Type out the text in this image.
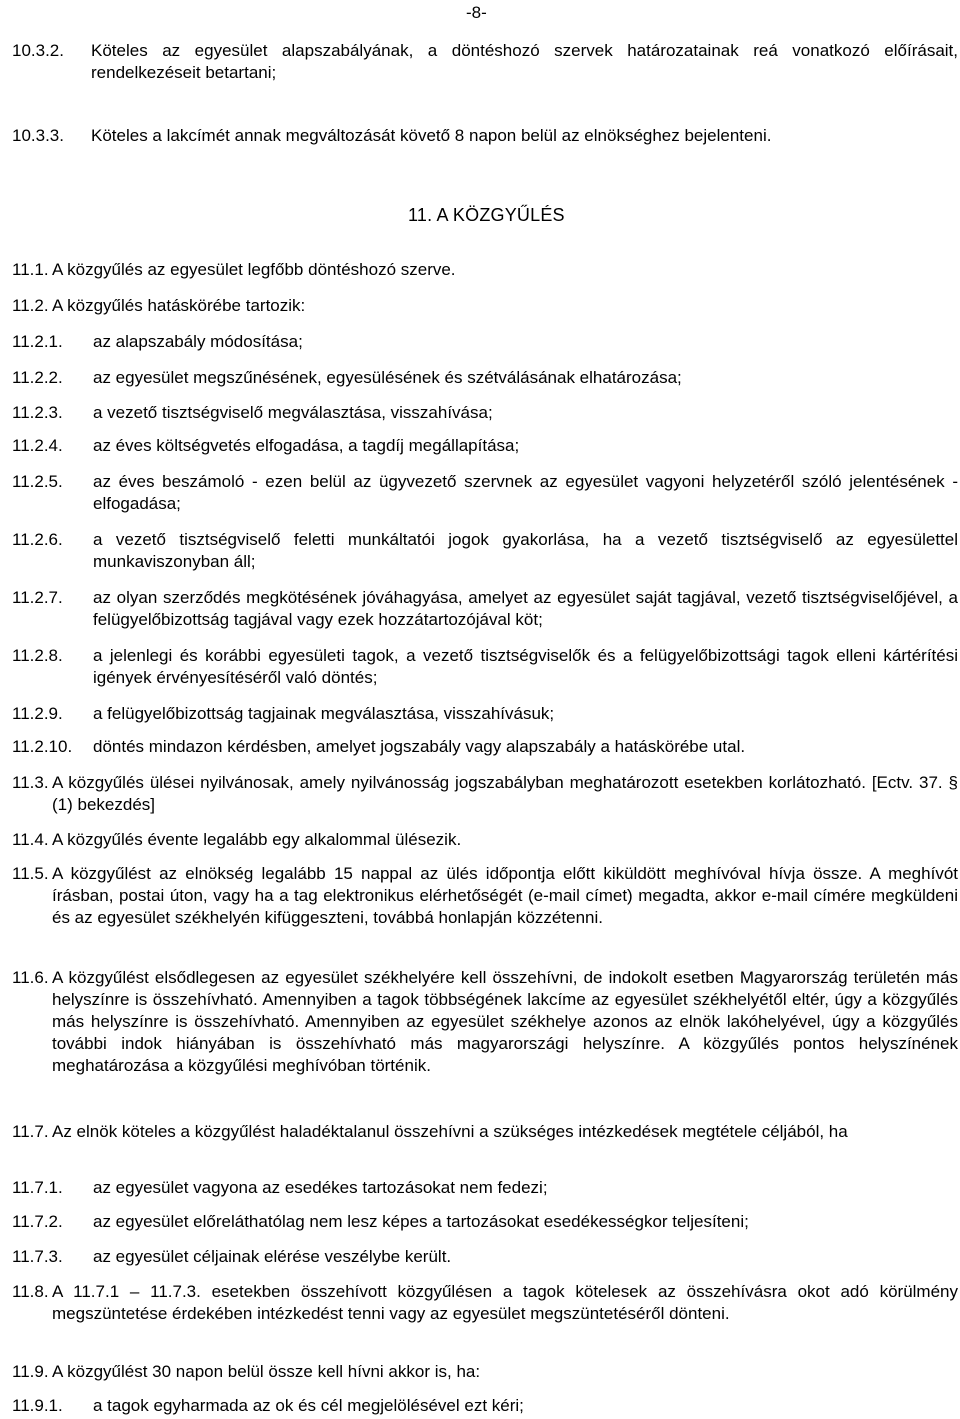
-8-
10.3.2.	Köteles az egyesület alapszabályának, a döntéshozó szervek határozatainak reá vonatkozó előírásait, rendelkezéseit betartani;
10.3.3.	Köteles a lakcímét annak megváltozását követő 8 napon belül az elnökséghez bejelenteni.
11. A KÖZGYŰLÉS
11.1. A közgyűlés az egyesület legfőbb döntéshozó szerve.
11.2. A közgyűlés hatáskörébe tartozik:
11.2.1.	az alapszabály módosítása;
11.2.2.	az egyesület megszűnésének, egyesülésének és szétválásának elhatározása;
11.2.3.	a vezető tisztségviselő megválasztása, visszahívása;
11.2.4.	az éves költségvetés elfogadása, a tagdíj megállapítása;
11.2.5.	az éves beszámoló - ezen belül az ügyvezető szervnek az egyesület vagyoni helyzetéről szóló jelentésének - elfogadása;
11.2.6.	a vezető tisztségviselő feletti munkáltatói jogok gyakorlása, ha a vezető tisztségviselő az egyesülettel munkaviszonyban áll;
11.2.7.	az olyan szerződés megkötésének jóváhagyása, amelyet az egyesület saját tagjával, vezető tisztségviselőjével, a felügyelőbizottság tagjával vagy ezek hozzátartozójával köt;
11.2.8.	a jelenlegi és korábbi egyesületi tagok, a vezető tisztségviselők és a felügyelőbizottsági tagok elleni kártérítési igények érvényesítéséről való döntés;
11.2.9.	a felügyelőbizottság tagjainak megválasztása, visszahívásuk;
11.2.10.	döntés mindazon kérdésben, amelyet jogszabály vagy alapszabály a hatáskörébe utal.
11.3. A közgyűlés ülései nyilvánosak, amely nyilvánosság jogszabályban meghatározott esetekben korlátozható. [Ectv. 37. § (1) bekezdés]
11.4. A közgyűlés évente legalább egy alkalommal ülésezik.
11.5. A közgyűlést az elnökség legalább 15 nappal az ülés időpontja előtt kiküldött meghívóval hívja össze. A meghívót írásban, postai úton, vagy ha a tag elektronikus elérhetőségét (e-mail címet) megadta, akkor e-mail címére megküldeni és az egyesület székhelyén kifüggeszteni, továbbá honlapján közzétenni.
11.6. A közgyűlést elsődlegesen az egyesület székhelyére kell összehívni, de indokolt esetben Magyarország területén más helyszínre is összehívható. Amennyiben a tagok többségének lakcíme az egyesület székhelyétől eltér, úgy a közgyűlés más helyszínre is összehívható. Amennyiben az egyesület székhelye azonos az elnök lakóhelyével, úgy a közgyűlés további indok hiányában is összehívható más magyarországi helyszínre. A közgyűlés pontos helyszínének meghatározása a közgyűlési meghívóban történik.
11.7. Az elnök köteles a közgyűlést haladéktalanul összehívni a szükséges intézkedések megtétele céljából, ha
11.7.1.	az egyesület vagyona az esedékes tartozásokat nem fedezi;
11.7.2.	az egyesület előreláthatólag nem lesz képes a tartozásokat esedékességkor teljesíteni;
11.7.3.	az egyesület céljainak elérése veszélybe került.
11.8. A 11.7.1 – 11.7.3. esetekben összehívott közgyűlésen a tagok kötelesek az összehívásra okot adó körülmény megszüntetése érdekében intézkedést tenni vagy az egyesület megszüntetéséről dönteni.
11.9. A közgyűlést 30 napon belül össze kell hívni akkor is, ha:
11.9.1.	a tagok egyharmada az ok és cél megjelölésével ezt kéri;
